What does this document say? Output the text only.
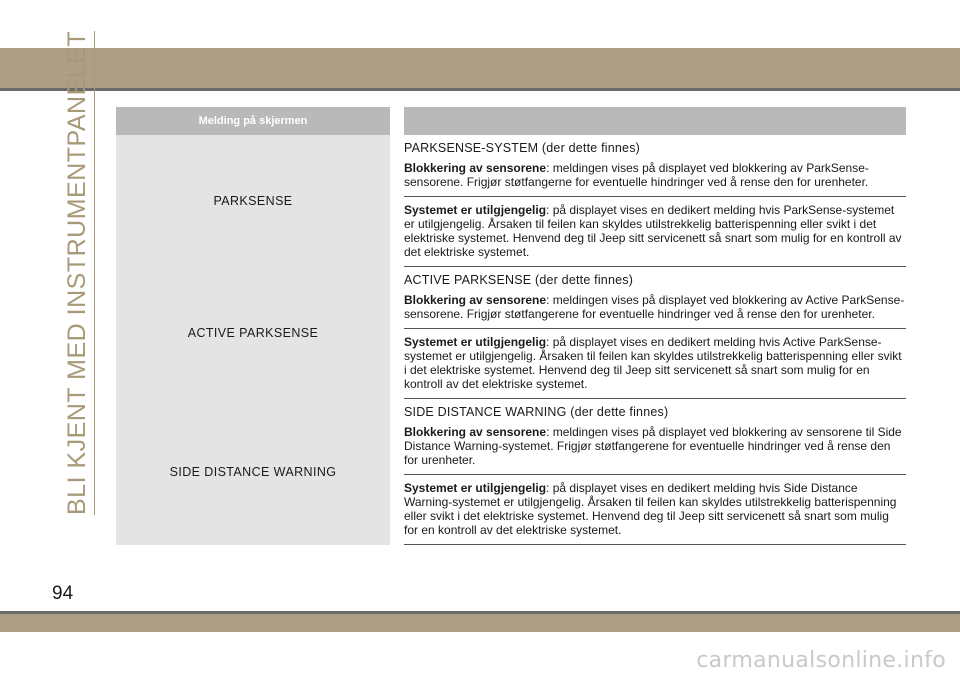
BLI KJENT MED INSTRUMENTPANELET	Melding på skjermen		
PARKSENSE		PARKSENSE-SYSTEM (der dette finnes)
Blokkering av sensorene: meldingen vises på displayet ved blokkering av ParkSense-sensorene. Frigjør støtfangerne for eventuelle hindringer ved å rense den for urenheter.
		Systemet er utilgjengelig: på displayet vises en dedikert melding hvis ParkSense-systemet er utilgjengelig. Årsaken til feilen kan skyldes utilstrekkelig batterispenning eller svikt i det elektriske systemet. Henvend deg til Jeep sitt servicenett så snart som mulig for en kontroll av det elektriske systemet.
ACTIVE PARKSENSE		ACTIVE PARKSENSE (der dette finnes)
Blokkering av sensorene: meldingen vises på displayet ved blokkering av Active ParkSense-sensorene. Frigjør støtfangerene for eventuelle hindringer ved å rense den for urenheter.
		Systemet er utilgjengelig: på displayet vises en dedikert melding hvis Active ParkSense-systemet er utilgjengelig. Årsaken til feilen kan skyldes utilstrekkelig batterispenning eller svikt i det elektriske systemet. Henvend deg til Jeep sitt servicenett så snart som mulig for en kontroll av det elektriske systemet.
SIDE DISTANCE WARNING		SIDE DISTANCE WARNING (der dette finnes)
Blokkering av sensorene: meldingen vises på displayet ved blokkering av sensorene til Side Distance Warning-systemet. Frigjør støtfangerene for eventuelle hindringer ved å rense den for urenheter.
		Systemet er utilgjengelig: på displayet vises en dedikert melding hvis Side Distance Warning-systemet er utilgjengelig. Årsaken til feilen kan skyldes utilstrekkelig batterispenning eller svikt i det elektriske systemet. Henvend deg til Jeep sitt servicenett så snart som mulig for en kontroll av det elektriske systemet.
94
carmanualsonline.info
